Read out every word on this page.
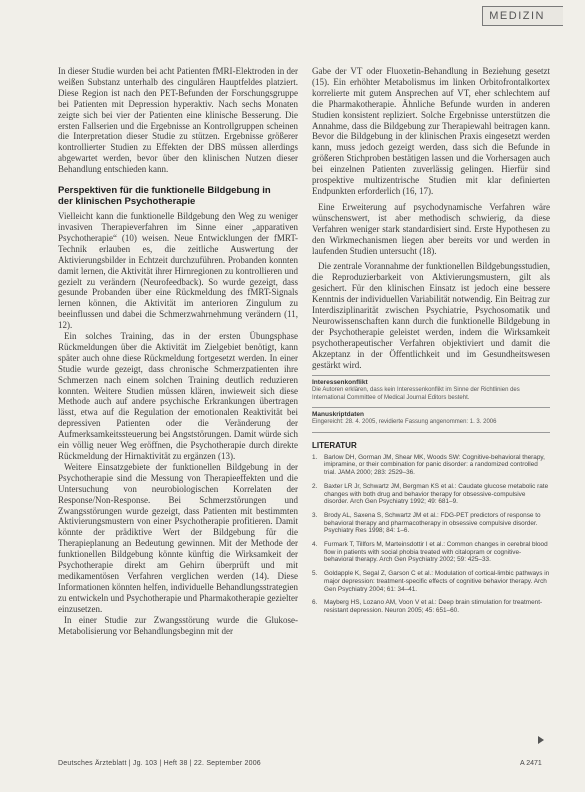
MEDIZIN

In dieser Studie wurden bei acht Patienten fMRI-Elektroden in der weißen Substanz unterhalb des cingulären Hauptfeldes platziert. Diese Region ist nach den PET-Befunden der Forschungsgruppe bei Patienten mit Depression hyperaktiv. Nach sechs Monaten zeigte sich bei vier der Patienten eine klinische Besserung. Die ersten Fallserien und die Ergebnisse an Kontrollgruppen scheinen die Interpretation dieser Studie zu stützen. Ergebnisse größerer kontrollierter Studien zu Effekten der DBS müssen allerdings abgewartet werden, bevor über den klinischen Nutzen dieser Behandlung entschieden kann.

Perspektiven für die funktionelle Bildgebung in der klinischen Psychotherapie

Vielleicht kann die funktionelle Bildgebung den Weg zu weniger invasiven Therapieverfahren im Sinne einer „apparativen Psychotherapie“ (10) weisen. Neue Entwicklungen der fMRT-Technik erlauben es, die zeitliche Auswertung der Aktivierungsbilder in Echtzeit durchzuführen. Probanden konnten damit lernen, die Aktivität ihrer Hirnregionen zu kontrollieren und gezielt zu verändern (Neurofeedback). So wurde gezeigt, dass gesunde Probanden über eine Rückmeldung des fMRT-Signals lernen können, die Aktivität im anterioren Zingulum zu beeinflussen und dabei die Schmerzwahrnehmung verändern (11, 12).

Ein solches Training, das in der ersten Übungsphase Rückmeldungen über die Aktivität im Zielgebiet benötigt, kann später auch ohne diese Rückmeldung fortgesetzt werden. In einer Studie wurde gezeigt, dass chronische Schmerzpatienten ihre Schmerzen nach einem solchen Training deutlich reduzieren konnten. Weitere Studien müssen klären, inwieweit sich diese Methode auch auf andere psychische Erkrankungen übertragen lässt, etwa auf die Regulation der emotionalen Reaktivität bei depressiven Patienten oder die Veränderung der Aufmerksamkeitssteuerung bei Angststörungen. Damit würde sich ein völlig neuer Weg eröffnen, die Psychotherapie durch direkte Rückmeldung der Hirnaktivität zu ergänzen (13).

Weitere Einsatzgebiete der funktionellen Bildgebung in der Psychotherapie sind die Messung von Therapieeffekten und die Untersuchung von neurobiologischen Korrelaten der Response/Non-Response. Bei Schmerzstörungen und Zwangsstörungen wurde gezeigt, dass Patienten mit bestimmten Aktivierungsmustern von einer Psychotherapie profitieren. Damit könnte der prädiktive Wert der Bildgebung für die Therapieplanung an Bedeutung gewinnen. Mit der Methode der funktionellen Bildgebung könnte künftig die Wirksamkeit der Psychotherapie direkt am Gehirn überprüft und mit medikamentösen Verfahren verglichen werden (14). Diese Informationen könnten helfen, individuelle Behandlungsstrategien zu entwickeln und Psychotherapie und Pharmakotherapie gezielter einzusetzen.

In einer Studie zur Zwangsstörung wurde die Glukose-Metabolisierung vor Behandlungsbeginn mit der

Gabe der VT oder Fluoxetin-Behandlung in Beziehung gesetzt (15). Ein erhöhter Metabolismus im linken Orbitofrontalkortex korrelierte mit gutem Ansprechen auf VT, eher schlechtem auf die Pharmakotherapie. Ähnliche Befunde wurden in anderen Studien konsistent repliziert. Solche Ergebnisse unterstützen die Annahme, dass die Bildgebung zur Therapiewahl beitragen kann. Bevor die Bildgebung in der klinischen Praxis eingesetzt werden kann, muss jedoch gezeigt werden, dass sich die Befunde in größeren Stichproben bestätigen lassen und die Vorhersagen auch bei einzelnen Patienten zuverlässig gelingen. Hierfür sind prospektive multizentrische Studien mit klar definierten Endpunkten erforderlich (16, 17).

Eine Erweiterung auf psychodynamische Verfahren wäre wünschenswert, ist aber methodisch schwierig, da diese Verfahren weniger stark standardisiert sind. Erste Hypothesen zu den Wirkmechanismen liegen aber bereits vor und werden in laufenden Studien untersucht (18).

Die zentrale Vorannahme der funktionellen Bildgebungsstudien, die Reproduzierbarkeit von Aktivierungsmustern, gilt als gesichert. Für den klinischen Einsatz ist jedoch eine bessere Kenntnis der individuellen Variabilität notwendig. Ein Beitrag zur Interdisziplinarität zwischen Psychiatrie, Psychosomatik und Neurowissenschaften kann durch die funktionelle Bildgebung in der Psychotherapie geleistet werden, indem die Wirksamkeit psychotherapeutischer Verfahren objektiviert und damit die Akzeptanz in der Öffentlichkeit und im Gesundheitswesen gestärkt wird.

Interessenkonflikt

Die Autoren erklären, dass kein Interessenkonflikt im Sinne der Richtlinien des International Committee of Medical Journal Editors besteht.

Manuskriptdaten

Eingereicht: 28. 4. 2005, revidierte Fassung angenommen: 1. 3. 2006

LITERATUR
1. Barlow DH, Gorman JM, Shear MK, Woods SW: Cognitive-behavioral therapy, imipramine, or their combination for panic disorder: a randomized controlled trial. JAMA 2000; 283: 2529–36.
2. Baxter LR Jr, Schwartz JM, Bergman KS et al.: Caudate glucose metabolic rate changes with both drug and behavior therapy for obsessive-compulsive disorder. Arch Gen Psychiatry 1992; 49: 681–9.
3. Brody AL, Saxena S, Schwartz JM et al.: FDG-PET predictors of response to behavioral therapy and pharmacotherapy in obsessive compulsive disorder. Psychiatry Res 1998; 84: 1–6.
4. Furmark T, Tillfors M, Marteinsdottir I et al.: Common changes in cerebral blood flow in patients with social phobia treated with citalopram or cognitive-behavioral therapy. Arch Gen Psychiatry 2002; 59: 425–33.
5. Goldapple K, Segal Z, Garson C et al.: Modulation of cortical-limbic pathways in major depression: treatment-specific effects of cognitive behavior therapy. Arch Gen Psychiatry 2004; 61: 34–41.
6. Mayberg HS, Lozano AM, Voon V et al.: Deep brain stimulation for treatment-resistant depression. Neuron 2005; 45: 651–60.
Deutsches Ärzteblatt | Jg. 103 | Heft 38 | 22. September 2006	A 2471
